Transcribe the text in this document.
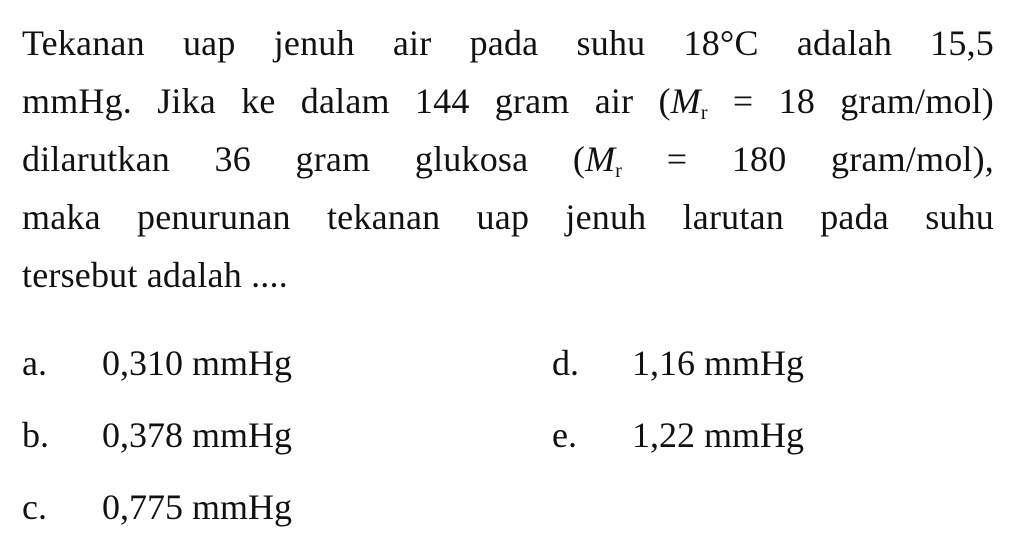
Tekanan uap jenuh air pada suhu 18°C adalah 15,5
mmHg. Jika ke dalam 144 gram air ($M_r = 18$ gram/mol)
dilarutkan 36 gram glukosa ($M_r = 180$ gram/mol),
maka penurunan tekanan uap jenuh larutan pada suhu
tersebut adalah ....
a. 0,310 mmHg
b. 0,378 mmHg
c. 0,775 mmHg
d. 1,16 mmHg
e. 1,22 mmHg
